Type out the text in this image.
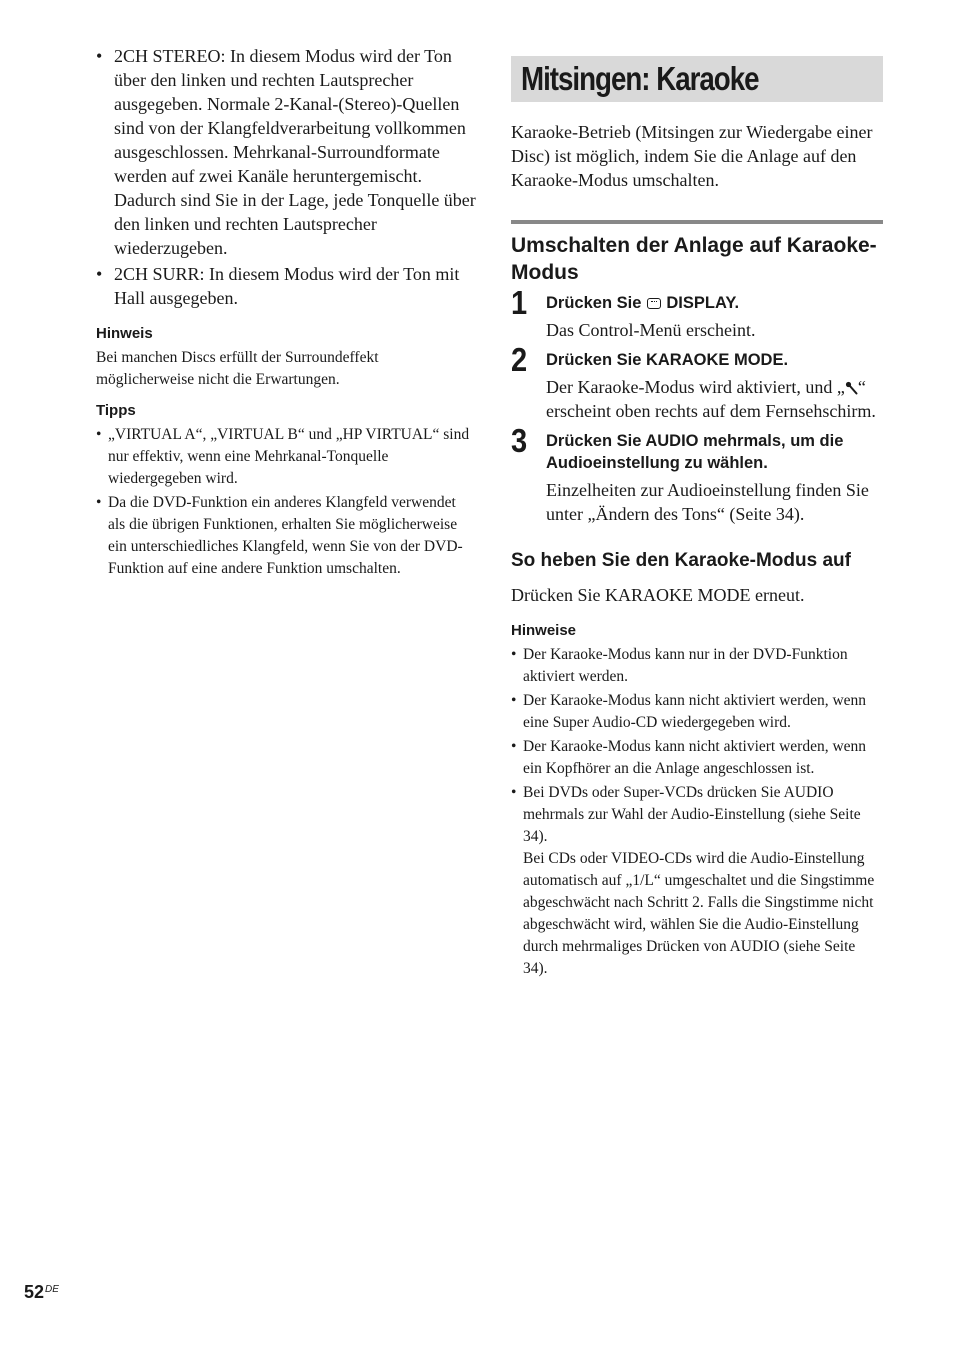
• 2CH STEREO: In diesem Modus wird der Ton über den linken und rechten Lautsprecher ausgegeben. Normale 2-Kanal-(Stereo)-Quellen sind von der Klangfeldverarbeitung vollkommen ausgeschlossen. Mehrkanal-Surroundformate werden auf zwei Kanäle heruntergemischt.

Dadurch sind Sie in der Lage, jede Tonquelle über den linken und rechten Lautsprecher wiederzugeben.

• 2CH SURR: In diesem Modus wird der Ton mit Hall ausgegeben.

Hinweis

Bei manchen Discs erfüllt der Surroundeffekt möglicherweise nicht die Erwartungen.

Tipps

• „VIRTUAL A“, „VIRTUAL B“ und „HP VIRTUAL“ sind nur effektiv, wenn eine Mehrkanal-Tonquelle wiedergegeben wird.

• Da die DVD-Funktion ein anderes Klangfeld verwendet als die übrigen Funktionen, erhalten Sie möglicherweise ein unterschiedliches Klangfeld, wenn Sie von der DVD-Funktion auf eine andere Funktion umschalten.

Mitsingen: Karaoke

Karaoke-Betrieb (Mitsingen zur Wiedergabe einer Disc) ist möglich, indem Sie die Anlage auf den Karaoke-Modus umschalten.

Umschalten der Anlage auf Karaoke-Modus
1 Drücken Sie DISPLAY.

Das Control-Menü erscheint.

2 Drücken Sie KARAOKE MODE.

Der Karaoke-Modus wird aktiviert, und „ “ erscheint oben rechts auf dem Fernsehschirm.

3 Drücken Sie AUDIO mehrmals, um die Audioeinstellung zu wählen.

Einzelheiten zur Audioeinstellung finden Sie unter „Ändern des Tons“ (Seite 34).

So heben Sie den Karaoke-Modus auf

Drücken Sie KARAOKE MODE erneut.

Hinweise

• Der Karaoke-Modus kann nur in der DVD-Funktion aktiviert werden.

• Der Karaoke-Modus kann nicht aktiviert werden, wenn eine Super Audio-CD wiedergegeben wird.

• Der Karaoke-Modus kann nicht aktiviert werden, wenn ein Kopfhörer an die Anlage angeschlossen ist.

• Bei DVDs oder Super-VCDs drücken Sie AUDIO mehrmals zur Wahl der Audio-Einstellung (siehe Seite 34).

Bei CDs oder VIDEO-CDs wird die Audio-Einstellung automatisch auf „1/L“ umgeschaltet und die Singstimme abgeschwächt nach Schritt 2. Falls die Singstimme nicht abgeschwächt wird, wählen Sie die Audio-Einstellung durch mehrmaliges Drücken von AUDIO (siehe Seite 34).

52DE
